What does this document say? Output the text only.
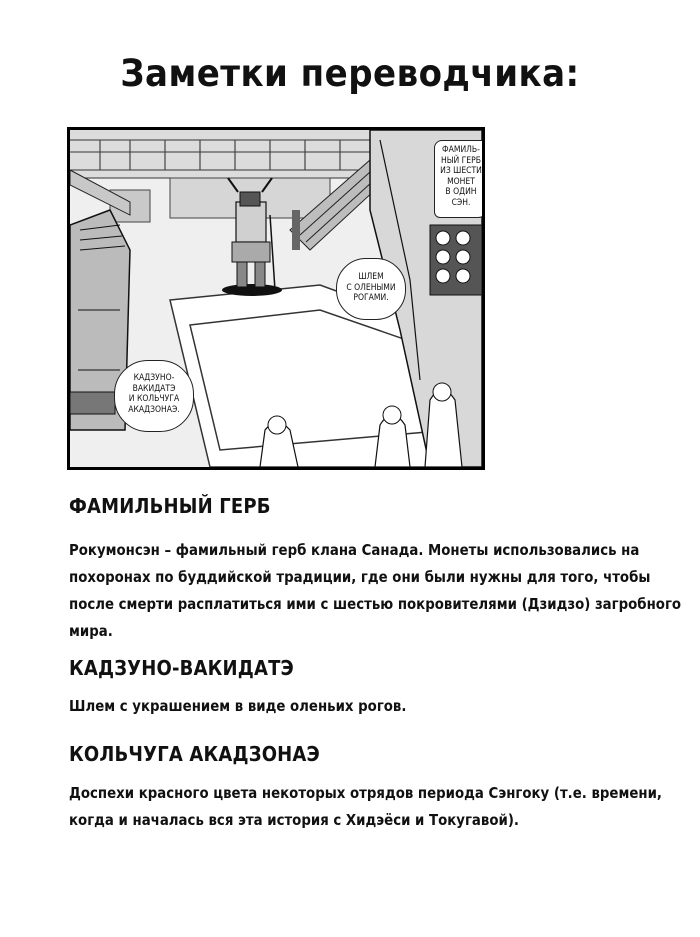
Заметки переводчика:
ФАМИЛЬ-
НЫЙ ГЕРБ
ИЗ ШЕСТИ
МОНЕТ
В ОДИН
СЭН.
ШЛЕМ
С ОЛЕНЫМИ
РОГАМИ.
КАДЗУНО-
ВАКИДАТЭ
И КОЛЬЧУГА
АКАДЗОНАЭ.
ФАМИЛЬНЫЙ ГЕРБ
Рокумонсэн – фамильный герб клана Санада. Монеты использовались на
похоронах по буддийской традиции, где они были нужны для того, чтобы
после смерти расплатиться ими с шестью покровителями (Дзидзо) загробного
мира.
КАДЗУНО-ВАКИДАТЭ
Шлем с украшением в виде оленьих рогов.
КОЛЬЧУГА АКАДЗОНАЭ
Доспехи красного цвета некоторых отрядов периода Сэнгоку (т.е. времени,
когда и началась вся эта история с Хидэёси и Токугавой).
